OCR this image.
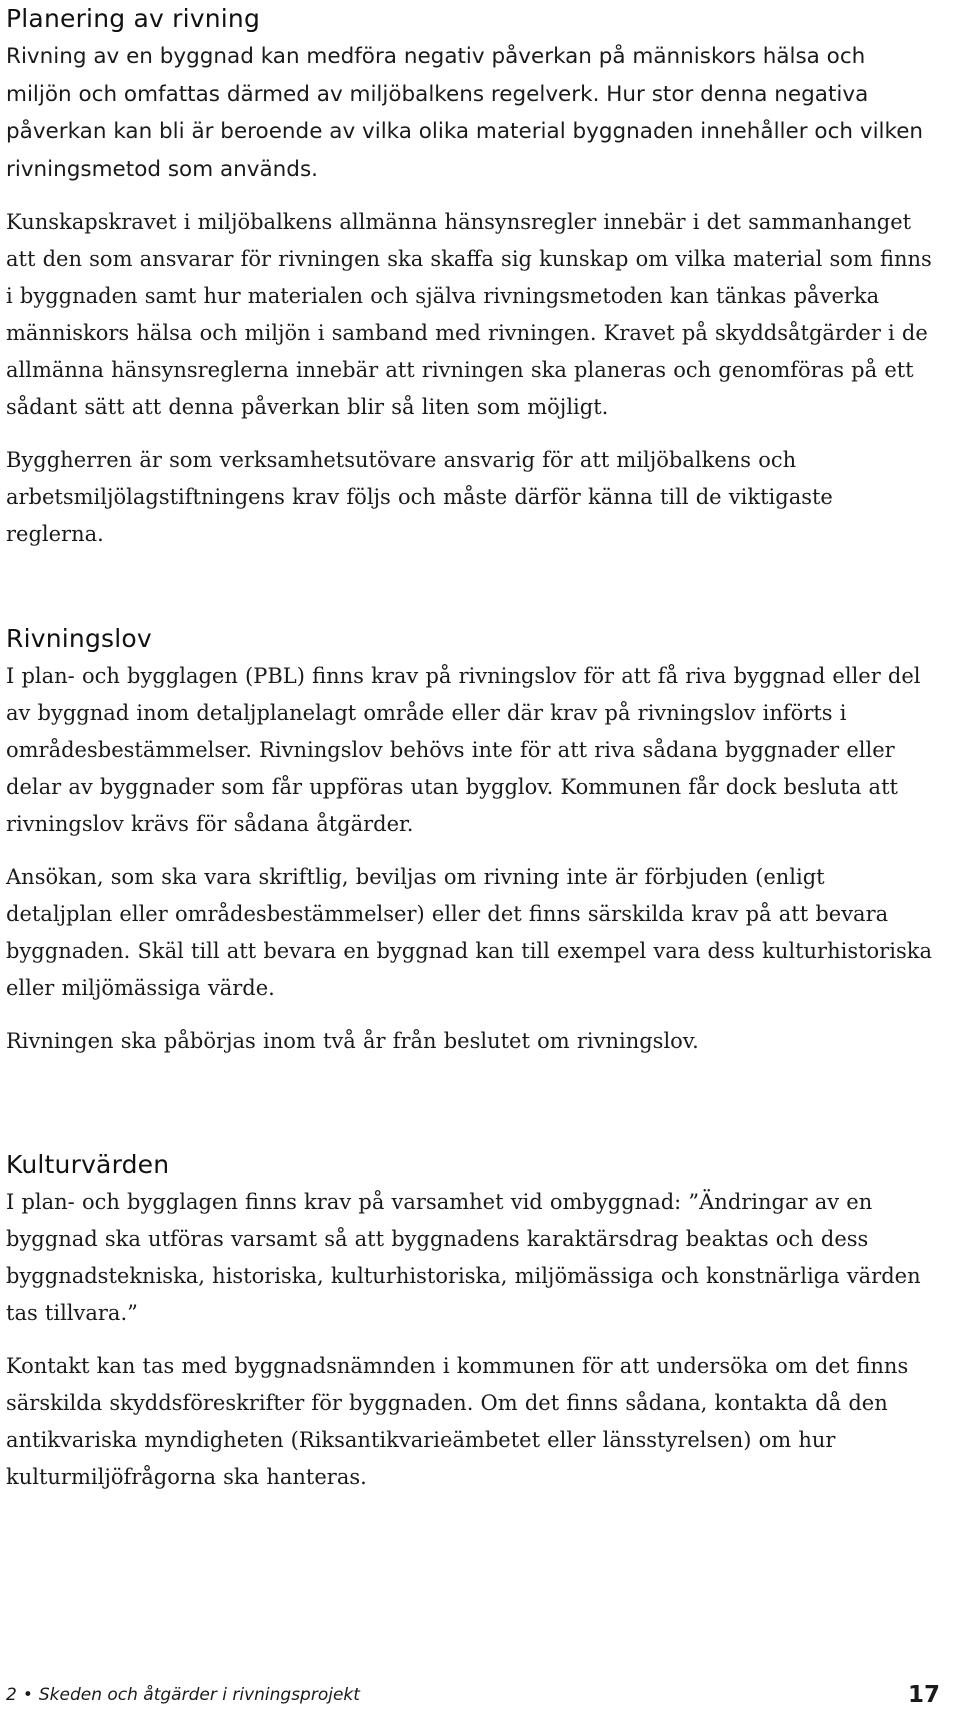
Planering av rivning

Rivning av en byggnad kan medföra negativ påverkan på människors hälsa och miljön och omfattas därmed av miljöbalkens regelverk. Hur stor denna negativa påverkan kan bli är beroende av vilka olika material byggnaden innehåller och vilken rivningsmetod som används.

Kunskapskravet i miljöbalkens allmänna hänsynsregler innebär i det sammanhanget att den som ansvarar för rivningen ska skaffa sig kunskap om vilka material som finns i byggnaden samt hur materialen och själva rivningsmetoden kan tänkas påverka människors hälsa och miljön i samband med rivningen. Kravet på skyddsåtgärder i de allmänna hänsynsreglerna innebär att rivningen ska planeras och genomföras på ett sådant sätt att denna påverkan blir så liten som möjligt.

Byggherren är som verksamhetsutövare ansvarig för att miljöbalkens och arbetsmiljölagstiftningens krav följs och måste därför känna till de viktigaste reglerna.

Rivningslov

I plan- och bygglagen (PBL) finns krav på rivningslov för att få riva byggnad eller del av byggnad inom detaljplanelagt område eller där krav på rivningslov införts i områdesbestämmelser. Rivningslov behövs inte för att riva sådana byggnader eller delar av byggnader som får uppföras utan bygglov. Kommunen får dock besluta att rivningslov krävs för sådana åtgärder.

Ansökan, som ska vara skriftlig, beviljas om rivning inte är förbjuden (enligt detaljplan eller områdesbestämmelser) eller det finns särskilda krav på att bevara byggnaden. Skäl till att bevara en byggnad kan till exempel vara dess kulturhistoriska eller miljömässiga värde.

Rivningen ska påbörjas inom två år från beslutet om rivningslov.

Kulturvärden

I plan- och bygglagen finns krav på varsamhet vid ombyggnad: ”Ändringar av en byggnad ska utföras varsamt så att byggnadens karaktärsdrag beaktas och dess byggnadstekniska, historiska, kulturhistoriska, miljömässiga och konstnärliga värden tas tillvara.”

Kontakt kan tas med byggnadsnämnden i kommunen för att undersöka om det finns särskilda skyddsföreskrifter för byggnaden. Om det finns sådana, kontakta då den antikvariska myndigheten (Riksantikvarieämbetet eller länsstyrelsen) om hur kulturmiljöfrågorna ska hanteras.

2 • Skeden och åtgärder i rivningsprojekt	17
